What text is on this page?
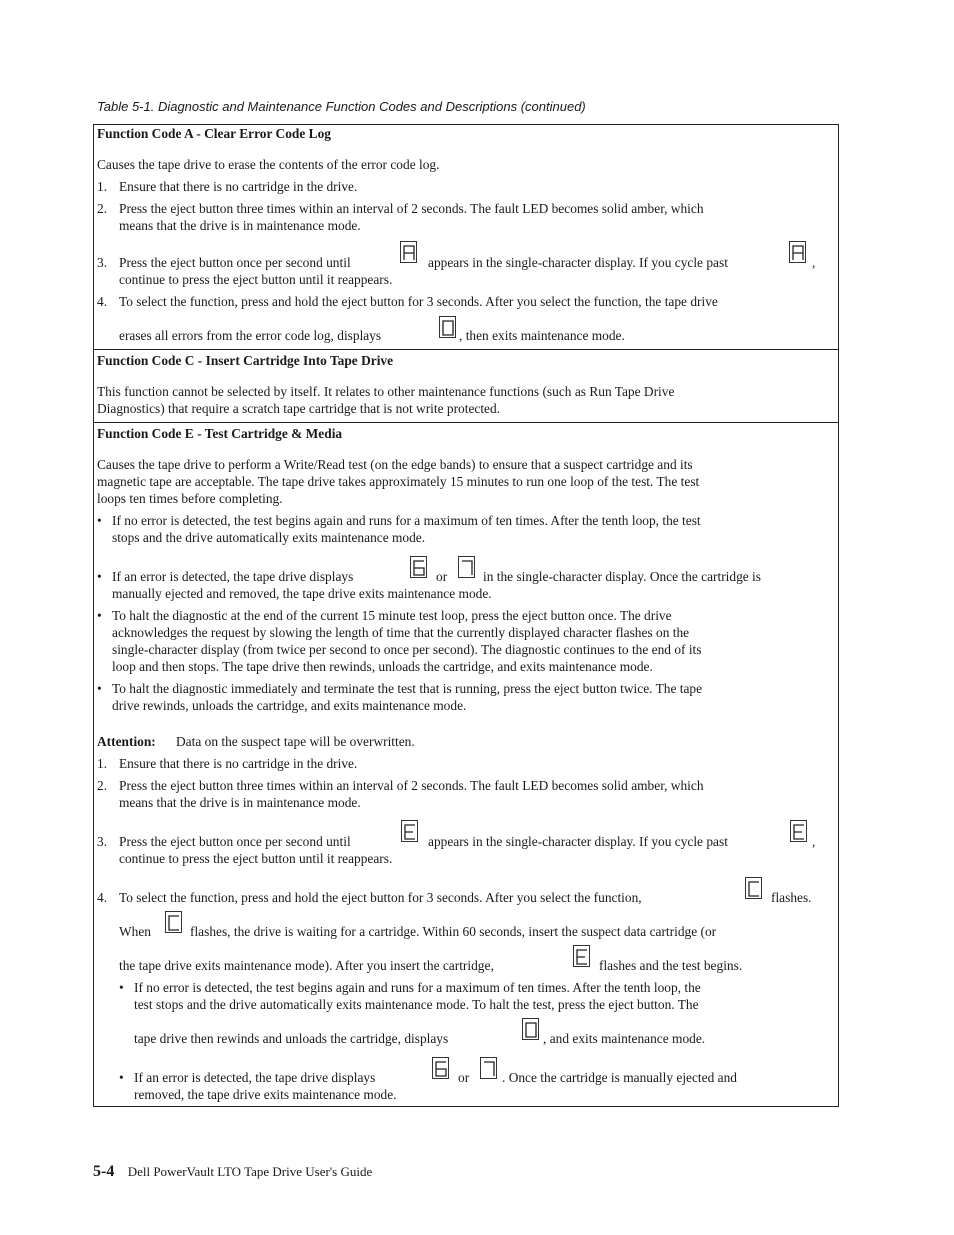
Table 5-1. Diagnostic and Maintenance Function Codes and Descriptions (continued)
Function Code A - Clear Error Code Log
Causes the tape drive to erase the contents of the error code log.
1. Ensure that there is no cartridge in the drive.
2. Press the eject button three times within an interval of 2 seconds. The fault LED becomes solid amber, which
means that the drive is in maintenance mode.
3. Press the eject button once per second until	appears in the single-character display. If you cycle past	,
continue to press the eject button until it reappears.
4. To select the function, press and hold the eject button for 3 seconds. After you select the function, the tape drive
erases all errors from the error code log, displays	, then exits maintenance mode.
Function Code C - Insert Cartridge Into Tape Drive
This function cannot be selected by itself. It relates to other maintenance functions (such as Run Tape Drive
Diagnostics) that require a scratch tape cartridge that is not write protected.
Function Code E - Test Cartridge & Media
Causes the tape drive to perform a Write/Read test (on the edge bands) to ensure that a suspect cartridge and its
magnetic tape are acceptable. The tape drive takes approximately 15 minutes to run one loop of the test. The test
loops ten times before completing.
• If no error is detected, the test begins again and runs for a maximum of ten times. After the tenth loop, the test
stops and the drive automatically exits maintenance mode.
• If an error is detected, the tape drive displays	or	in the single-character display. Once the cartridge is
manually ejected and removed, the tape drive exits maintenance mode.
• To halt the diagnostic at the end of the current 15 minute test loop, press the eject button once. The drive
acknowledges the request by slowing the length of time that the currently displayed character flashes on the
single-character display (from twice per second to once per second). The diagnostic continues to the end of its
loop and then stops. The tape drive then rewinds, unloads the cartridge, and exits maintenance mode.
• To halt the diagnostic immediately and terminate the test that is running, press the eject button twice. The tape
drive rewinds, unloads the cartridge, and exits maintenance mode.
Attention: Data on the suspect tape will be overwritten.
1. Ensure that there is no cartridge in the drive.
2. Press the eject button three times within an interval of 2 seconds. The fault LED becomes solid amber, which
means that the drive is in maintenance mode.
3. Press the eject button once per second until	appears in the single-character display. If you cycle past	,
continue to press the eject button until it reappears.
4. To select the function, press and hold the eject button for 3 seconds. After you select the function,	flashes.
When	flashes, the drive is waiting for a cartridge. Within 60 seconds, insert the suspect data cartridge (or
the tape drive exits maintenance mode). After you insert the cartridge,	flashes and the test begins.
• If no error is detected, the test begins again and runs for a maximum of ten times. After the tenth loop, the
test stops and the drive automatically exits maintenance mode. To halt the test, press the eject button. The
tape drive then rewinds and unloads the cartridge, displays	, and exits maintenance mode.
• If an error is detected, the tape drive displays	or . Once the cartridge is manually ejected and
removed, the tape drive exits maintenance mode.
5-4 Dell PowerVault LTO Tape Drive User's Guide
